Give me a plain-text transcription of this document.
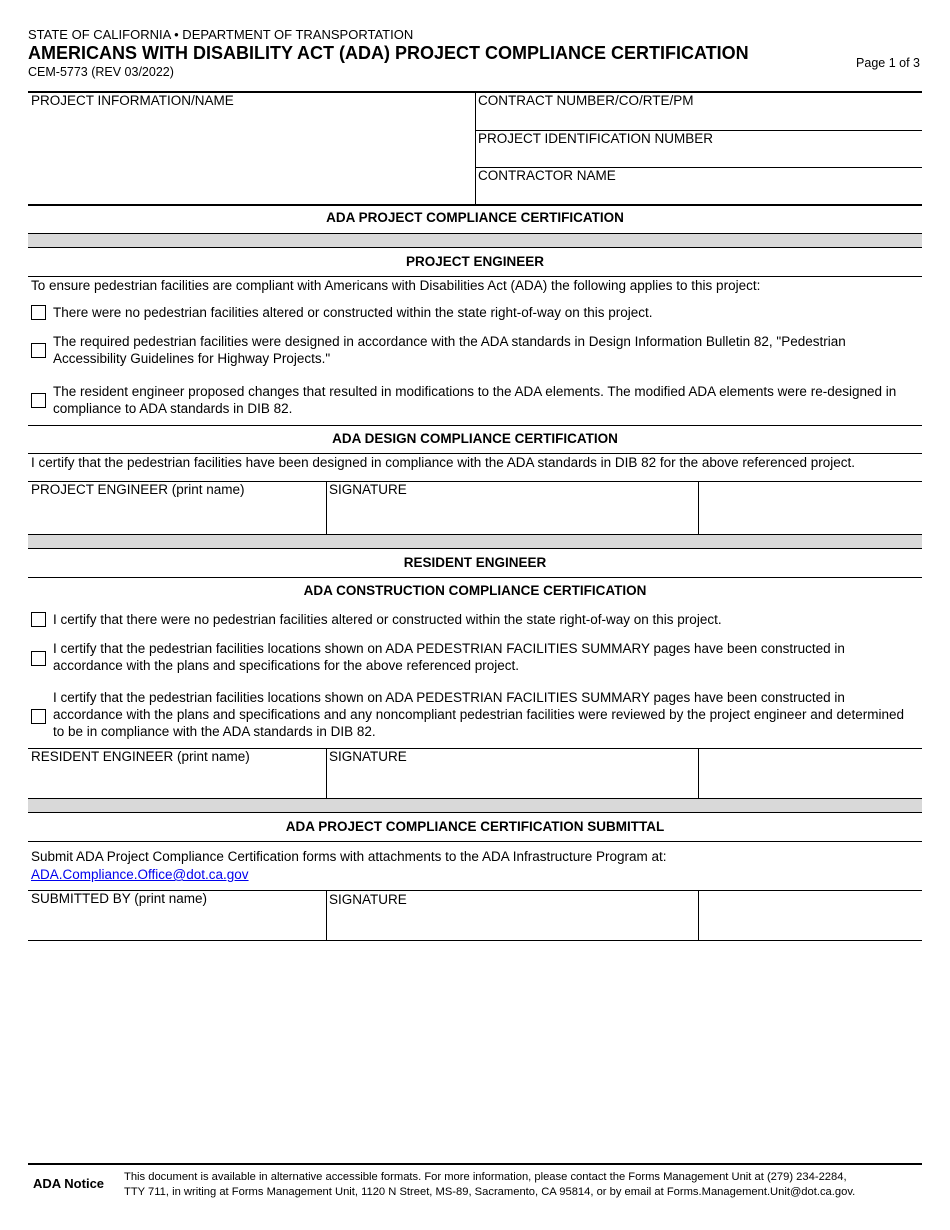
STATE OF CALIFORNIA • DEPARTMENT OF TRANSPORTATION
AMERICANS WITH DISABILITY ACT (ADA) PROJECT COMPLIANCE CERTIFICATION
CEM-5773 (REV 03/2022)
Page 1 of 3
PROJECT INFORMATION/NAME	CONTRACT NUMBER/CO/RTE/PM
PROJECT IDENTIFICATION NUMBER
CONTRACTOR NAME
ADA PROJECT COMPLIANCE CERTIFICATION
PROJECT ENGINEER
To ensure pedestrian facilities are compliant with Americans with Disabilities Act (ADA) the following applies to this project:
There were no pedestrian facilities altered or constructed within the state right-of-way on this project.
The required pedestrian facilities were designed in accordance with the ADA standards in Design Information Bulletin 82, "Pedestrian Accessibility Guidelines for Highway Projects."
The resident engineer proposed changes that resulted in modifications to the ADA elements. The modified ADA elements were re-designed in compliance to ADA standards in DIB 82.
ADA DESIGN COMPLIANCE CERTIFICATION
I certify that the pedestrian facilities have been designed in compliance with the ADA standards in DIB 82 for the above referenced project.
PROJECT ENGINEER (print name)	SIGNATURE
RESIDENT ENGINEER
ADA CONSTRUCTION COMPLIANCE CERTIFICATION
I certify that there were no pedestrian facilities altered or constructed within the state right-of-way on this project.
I certify that the pedestrian facilities locations shown on ADA PEDESTRIAN FACILITIES SUMMARY pages have been constructed in accordance with the plans and specifications for the above referenced project.
I certify that the pedestrian facilities locations shown on ADA PEDESTRIAN FACILITIES SUMMARY pages have been constructed in accordance with the plans and specifications and any noncompliant pedestrian facilities were reviewed by the project engineer and determined to be in compliance with the ADA standards in DIB 82.
RESIDENT ENGINEER (print name)	SIGNATURE
ADA PROJECT COMPLIANCE CERTIFICATION SUBMITTAL
Submit ADA Project Compliance Certification forms with attachments to the ADA Infrastructure Program at:
ADA.Compliance.Office@dot.ca.gov
SUBMITTED BY (print name)	SIGNATURE
ADA Notice This document is available in alternative accessible formats. For more information, please contact the Forms Management Unit at (279) 234-2284,
TTY 711, in writing at Forms Management Unit, 1120 N Street, MS-89, Sacramento, CA 95814, or by email at Forms.Management.Unit@dot.ca.gov.
